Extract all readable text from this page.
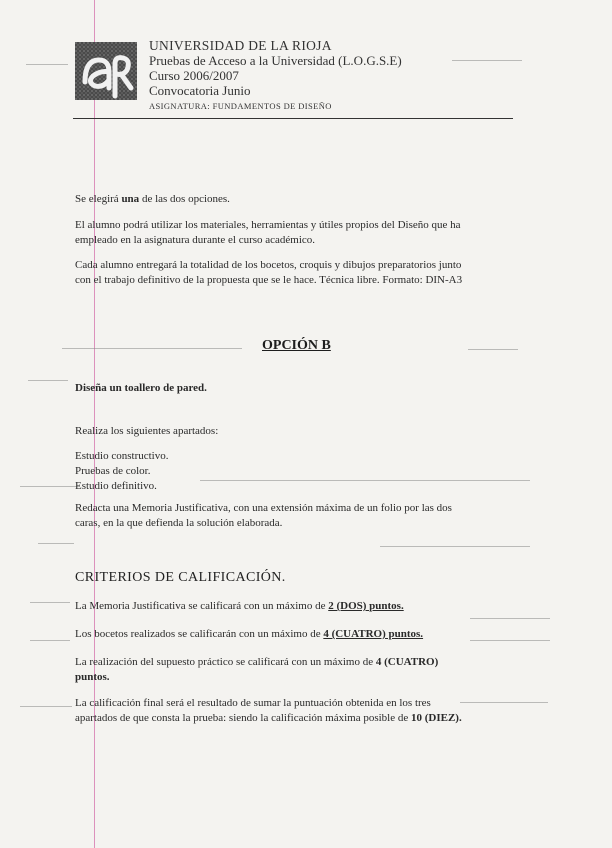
UNIVERSIDAD DE LA RIOJA
Pruebas de Acceso a la Universidad (L.O.G.S.E)
Curso 2006/2007
Convocatoria Junio
ASIGNATURA: FUNDAMENTOS DE DISEÑO
Se elegirá una de las dos opciones.
El alumno podrá utilizar los materiales, herramientas y útiles propios del Diseño que ha
empleado en la asignatura durante el curso académico.
Cada alumno entregará la totalidad de los bocetos, croquis y dibujos preparatorios junto
con el trabajo definitivo de la propuesta que se le hace. Técnica libre. Formato: DIN-A3
OPCIÓN B
Diseña un toallero de pared.
Realiza los siguientes apartados:
Estudio constructivo.
Pruebas de color.
Estudio definitivo.
Redacta una Memoria Justificativa, con una extensión máxima de un folio por las dos
caras, en la que defienda la solución elaborada.
CRITERIOS DE CALIFICACIÓN.
La Memoria Justificativa se calificará con un máximo de 2 (DOS) puntos.
Los bocetos realizados se calificarán con un máximo de 4 (CUATRO) puntos.
La realización del supuesto práctico se calificará con un máximo de 4 (CUATRO)
puntos.
La calificación final será el resultado de sumar la puntuación obtenida en los tres
apartados de que consta la prueba: siendo la calificación máxima posible de 10 (DIEZ).
